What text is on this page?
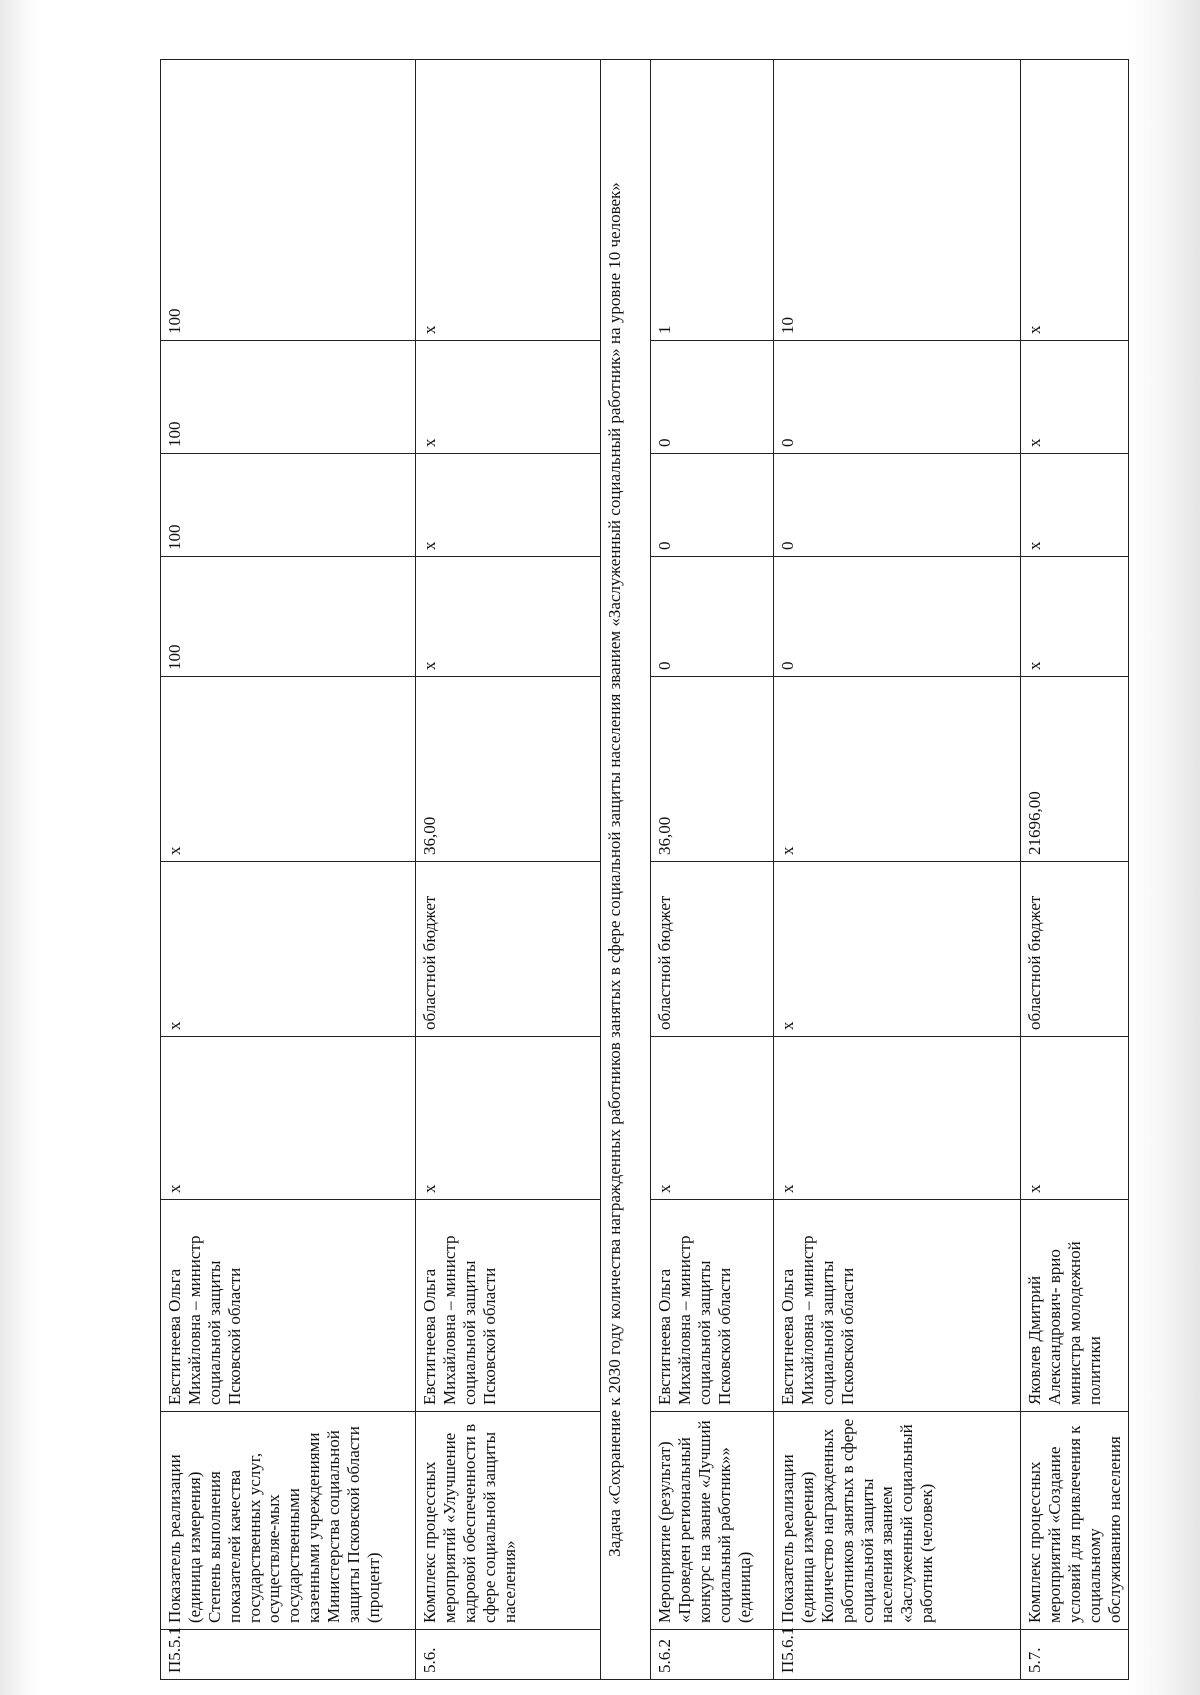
П5.5.1	Показатель реализации (единица измерения) Степень выполнения показателей качества государственных услуг, осуществляе-мых государственными казенными учреждениями Министерства социальной защиты Псковской области (процент)	Евстигнеева Ольга Михайловна – министр социальной защиты Псковской области	х	х	х	100	100	100	100
5.6.	Комплекс процессных мероприятий «Улучшение кадровой обеспеченности в сфере социальной защиты населения»	Евстигнеева Ольга Михайловна – министр социальной защиты Псковской области	х	областной бюджет	36,00	х	х	х	х
Задача «Сохранение к 2030 году количества награжденных работников занятых в сфере социальной защиты населения званием «Заслуженный социальный работник» на уровне 10 человек»									
5.6.2	Мероприятие (результат) «Проведен региональный конкурс на звание «Лучший социальный работник»» (единица)	Евстигнеева Ольга Михайловна – министр социальной защиты Псковской области	х	областной бюджет	36,00	0	0	0	1
П5.6.1	Показатель реализации (единица измерения) Количество награжденных работников занятых в сфере социальной защиты населения званием «Заслуженный социальный работник (человек)	Евстигнеева Ольга Михайловна – министр социальной защиты Псковской области	х	х	х	0	0	0	10
5.7.	Комплекс процессных мероприятий «Создание условий для привлечения к социальному обслуживанию населения	Яковлев Дмитрий Александрович- врио министра молодежной политики	х	областной бюджет	21696,00	х	х	х	х
